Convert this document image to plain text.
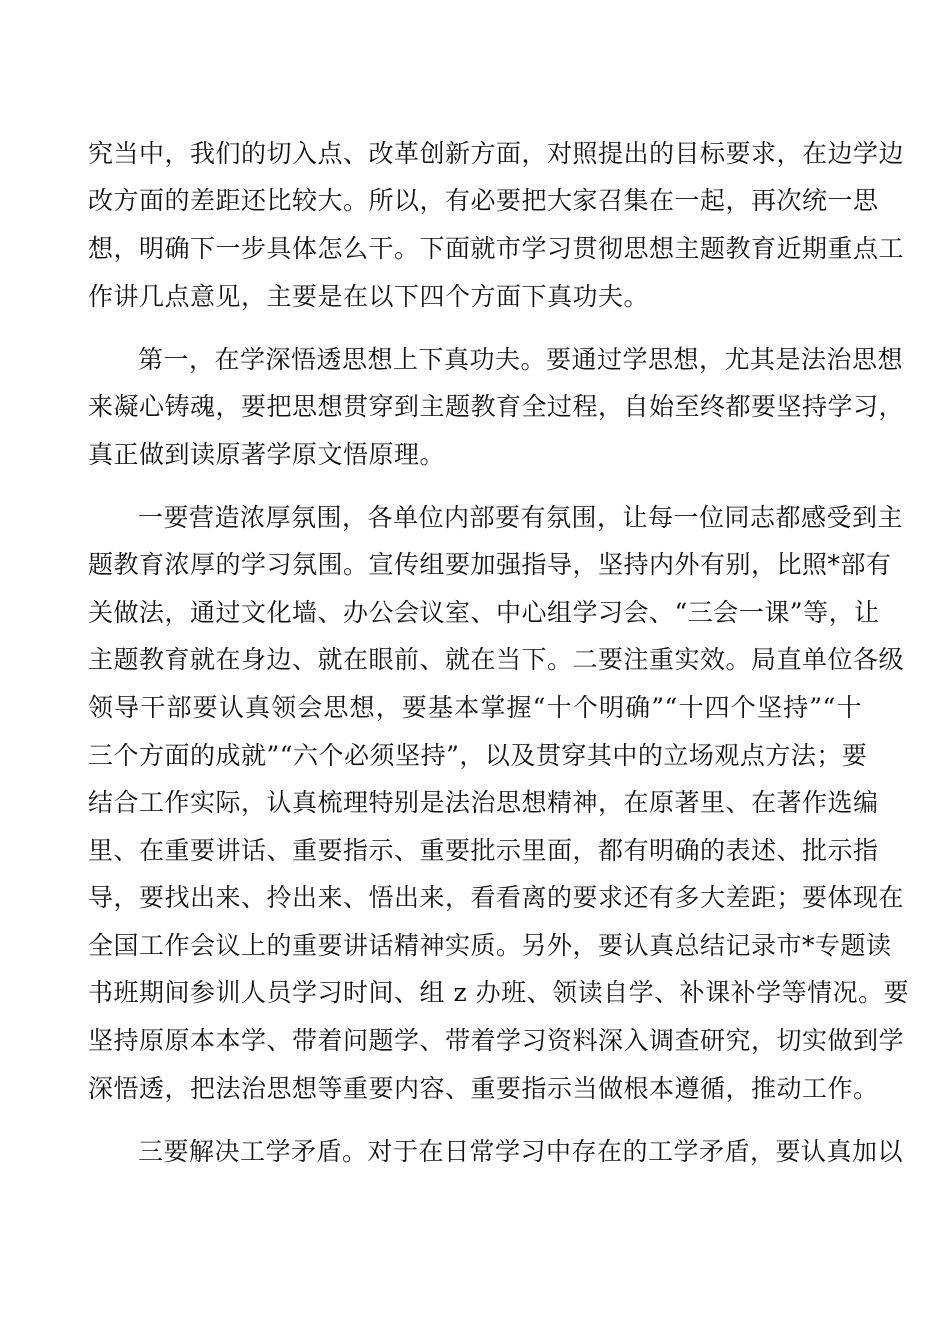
究当中，我们的切入点、改革创新方面，对照提出的目标要求，在边学边

改方面的差距还比较大。所以，有必要把大家召集在一起，再次统一思

想，明确下一步具体怎么干。下面就市学习贯彻思想主题教育近期重点工

作讲几点意见，主要是在以下四个方面下真功夫。

第一，在学深悟透思想上下真功夫。要通过学思想，尤其是法治思想

来凝心铸魂，要把思想贯穿到主题教育全过程，自始至终都要坚持学习，

真正做到读原著学原文悟原理。

一要营造浓厚氛围，各单位内部要有氛围，让每一位同志都感受到主

题教育浓厚的学习氛围。宣传组要加强指导，坚持内外有别，比照*部有

关做法，通过文化墙、办公会议室、中心组学习会、“三会一课”等，让

主题教育就在身边、就在眼前、就在当下。二要注重实效。局直单位各级

领导干部要认真领会思想，要基本掌握“十个明确”“十四个坚持”“十

三个方面的成就”“六个必须坚持”，以及贯穿其中的立场观点方法；要

结合工作实际，认真梳理特别是法治思想精神，在原著里、在著作选编

里、在重要讲话、重要指示、重要批示里面，都有明确的表述、批示指

导，要找出来、拎出来、悟出来，看看离的要求还有多大差距；要体现在

全国工作会议上的重要讲话精神实质。另外，要认真总结记录市*专题读

书班期间参训人员学习时间、组 z 办班、领读自学、补课补学等情况。要

坚持原原本本学、带着问题学、带着学习资料深入调查研究，切实做到学

深悟透，把法治思想等重要内容、重要指示当做根本遵循，推动工作。

三要解决工学矛盾。对于在日常学习中存在的工学矛盾，要认真加以
